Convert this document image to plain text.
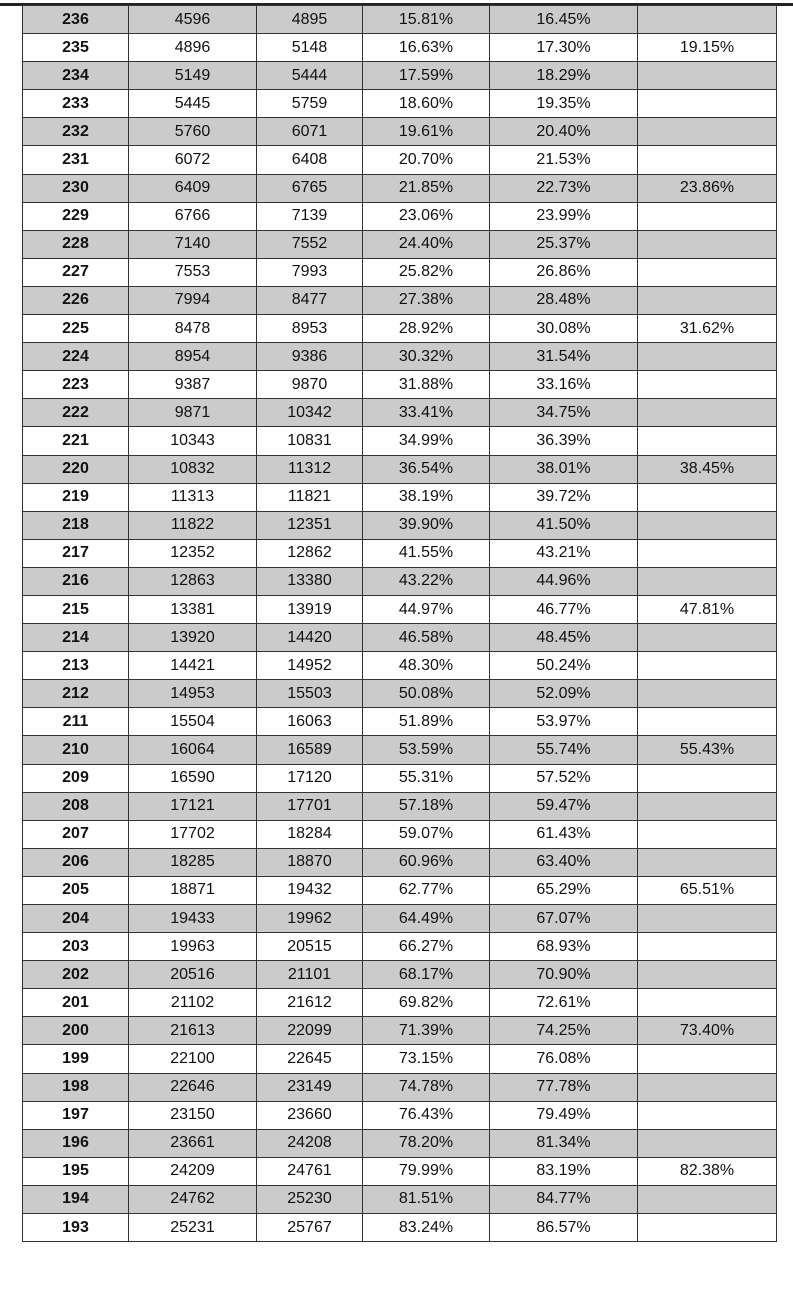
236	4596	4895	15.81%	16.45%	
235	4896	5148	16.63%	17.30%	19.15%
234	5149	5444	17.59%	18.29%	
233	5445	5759	18.60%	19.35%	
232	5760	6071	19.61%	20.40%	
231	6072	6408	20.70%	21.53%	
230	6409	6765	21.85%	22.73%	23.86%
229	6766	7139	23.06%	23.99%	
228	7140	7552	24.40%	25.37%	
227	7553	7993	25.82%	26.86%	
226	7994	8477	27.38%	28.48%	
225	8478	8953	28.92%	30.08%	31.62%
224	8954	9386	30.32%	31.54%	
223	9387	9870	31.88%	33.16%	
222	9871	10342	33.41%	34.75%	
221	10343	10831	34.99%	36.39%	
220	10832	11312	36.54%	38.01%	38.45%
219	11313	11821	38.19%	39.72%	
218	11822	12351	39.90%	41.50%	
217	12352	12862	41.55%	43.21%	
216	12863	13380	43.22%	44.96%	
215	13381	13919	44.97%	46.77%	47.81%
214	13920	14420	46.58%	48.45%	
213	14421	14952	48.30%	50.24%	
212	14953	15503	50.08%	52.09%	
211	15504	16063	51.89%	53.97%	
210	16064	16589	53.59%	55.74%	55.43%
209	16590	17120	55.31%	57.52%	
208	17121	17701	57.18%	59.47%	
207	17702	18284	59.07%	61.43%	
206	18285	18870	60.96%	63.40%	
205	18871	19432	62.77%	65.29%	65.51%
204	19433	19962	64.49%	67.07%	
203	19963	20515	66.27%	68.93%	
202	20516	21101	68.17%	70.90%	
201	21102	21612	69.82%	72.61%	
200	21613	22099	71.39%	74.25%	73.40%
199	22100	22645	73.15%	76.08%	
198	22646	23149	74.78%	77.78%	
197	23150	23660	76.43%	79.49%	
196	23661	24208	78.20%	81.34%	
195	24209	24761	79.99%	83.19%	82.38%
194	24762	25230	81.51%	84.77%	
193	25231	25767	83.24%	86.57%	
